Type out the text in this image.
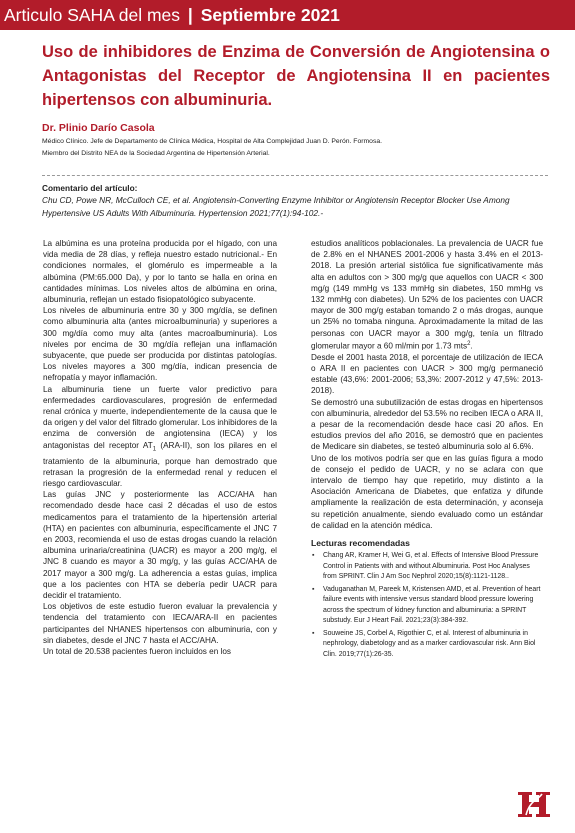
Articulo SAHA del mes | Septiembre 2021
Uso de inhibidores de Enzima de Conversión de Angiotensina o Antagonistas del Receptor de Angiotensina II en pacientes hipertensos con albuminuria.

Dr. Plinio Darío Casola

Médico Clínico. Jefe de Departamento de Clínica Médica, Hospital de Alta Complejidad Juan D. Perón. Formosa.

Miembro del Distrito NEA de la Sociedad Argentina de Hipertensión Arterial.

Comentario del artículo:

Chu CD, Powe NR, McCulloch CE, et al. Angiotensin-Converting Enzyme Inhibitor or Angiotensin Receptor Blocker Use Among Hypertensive US Adults With Albuminuria. Hypertension 2021;77(1):94-102.-

La albúmina es una proteína producida por el hígado, con una vida media de 28 días, y refleja nuestro estado nutricional.- En condiciones normales, el glomérulo es impermeable a la albúmina (PM:65.000 Da), y por lo tanto se halla en orina en cantidades mínimas. Los niveles altos de albúmina en orina, albuminuria, reflejan un estado fisiopatológico subyacente.

Los niveles de albuminuria entre 30 y 300 mg/día, se definen como albuminuria alta (antes microalbuminuria) y superiores a 300 mg/día como muy alta (antes macroalbuminuria). Los niveles por encima de 30 mg/día reflejan una inflamación subyacente, que puede ser producida por distintas patologías. Los niveles mayores a 300 mg/día, indican presencia de nefropatía y mayor inflamación.

La albuminuria tiene un fuerte valor predictivo para enfermedades cardiovasculares, progresión de enfermedad renal crónica y muerte, independientemente de la causa que le da origen y del valor del filtrado glomerular. Los inhibidores de la enzima de conversión de angiotensina (IECA) y los antagonistas del receptor $AT_1$ (ARA-II), son los pilares en el tratamiento de la albuminuria, porque han demostrado que retrasan la progresión de la enfermedad renal y reducen el riesgo cardiovascular.

Las guías JNC y posteriormente las ACC/AHA han recomendado desde hace casi 2 décadas el uso de estos medicamentos para el tratamiento de la hipertensión arterial (HTA) en pacientes con albuminuria, específicamente el JNC 7 en 2003, recomienda el uso de estas drogas cuando la relación albumina urinaria/creatinina (UACR) es mayor a 200 mg/g, el JNC 8 cuando es mayor a 30 mg/g, y las guías ACC/AHA de 2017 mayor a 300 mg/g. La adherencia a estas guías, implica que a los pacientes con HTA se debería pedir UACR para decidir el tratamiento.

Los objetivos de este estudio fueron evaluar la prevalencia y tendencia del tratamiento con IECA/ARA-II en pacientes participantes del NHANES hipertensos con albuminuria, con y sin diabetes, desde el JNC 7 hasta el ACC/AHA.

Un total de 20.538 pacientes fueron incluidos en los

estudios analíticos poblacionales. La prevalencia de UACR fue de 2.8% en el NHANES 2001-2006 y hasta 3.4% en el 2013-2018. La presión arterial sistólica fue significativamente más alta en adultos con > 300 mg/g que aquellos con UACR < 300 mg/g (149 mmHg vs 133 mmHg sin diabetes, 150 mmHg vs 132 mmHg con diabetes). Un 52% de los pacientes con UACR mayor de 300 mg/g estaban tomando 2 o más drogas, aunque un 25% no tomaba ninguna. Aproximadamente la mitad de las personas con UACR mayor a 300 mg/g, tenía un filtrado glomerular mayor a 60 ml/min por 1.73 mts$^2$.

Desde el 2001 hasta 2018, el porcentaje de utilización de IECA o ARA II en pacientes con UACR > 300 mg/g permaneció estable (43,6%: 2001-2006; 53,3%: 2007-2012 y 47,5%: 2013-2018).

Se demostró una subutilización de estas drogas en hipertensos con albuminuria, alrededor del 53.5% no reciben IECA o ARA II, a pesar de la recomendación desde hace casi 20 años. En estudios previos del año 2016, se demostró que en pacientes de Medicare sin diabetes, se testeó albuminuria solo al 6.6%.

Uno de los motivos podría ser que en las guías figura a modo de consejo el pedido de UACR, y no se aclara con que intervalo de tiempo hay que repetirlo, muy distinto a la Asociación Americana de Diabetes, que enfatiza y difunde ampliamente la realización de esta determinación, y aconseja su repetición anualmente, siendo evaluado como un estándar de calidad en la atención médica.

Lecturas recomendadas

▪ Chang AR, Kramer H, Wei G, et al. Effects of Intensive Blood Pressure Control in Patients with and without Albuminuria. Post Hoc Analyses from SPRINT. Clin J Am Soc Nephrol 2020;15(8):1121-1128..
▪ Vaduganathan M, Pareek M, Kristensen AMD, et al. Prevention of heart failure events with intensive versus standard blood pressure lowering across the spectrum of kidney function and albuminuria: a SPRINT substudy. Eur J Heart Fail. 2021;23(3):384-392.
▪ Souweine JS, Corbel A, Rigothier C, et al. Interest of albuminuria in nephrology, diabetology and as a marker cardiovascular risk. Ann Biol Clin. 2019;77(1):26-35.
